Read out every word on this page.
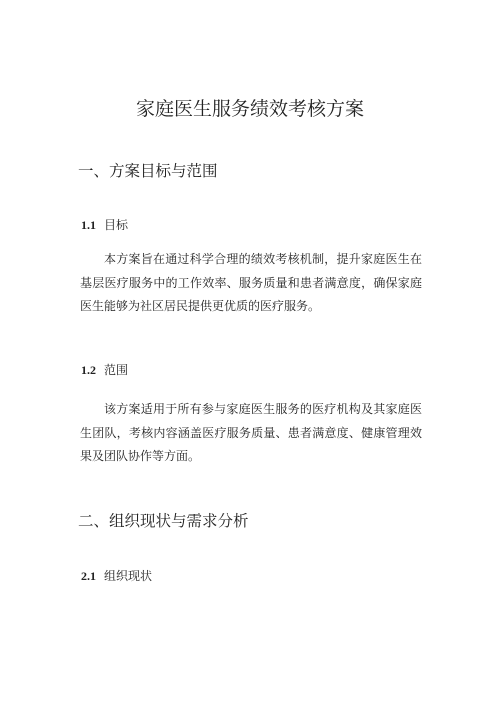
家庭医生服务绩效考核方案
一、方案目标与范围
1.1 目标

本方案旨在通过科学合理的绩效考核机制，提升家庭医生在基层医疗服务中的工作效率、服务质量和患者满意度，确保家庭医生能够为社区居民提供更优质的医疗服务。

1.2 范围

该方案适用于所有参与家庭医生服务的医疗机构及其家庭医生团队，考核内容涵盖医疗服务质量、患者满意度、健康管理效果及团队协作等方面。

二、组织现状与需求分析
2.1 组织现状
